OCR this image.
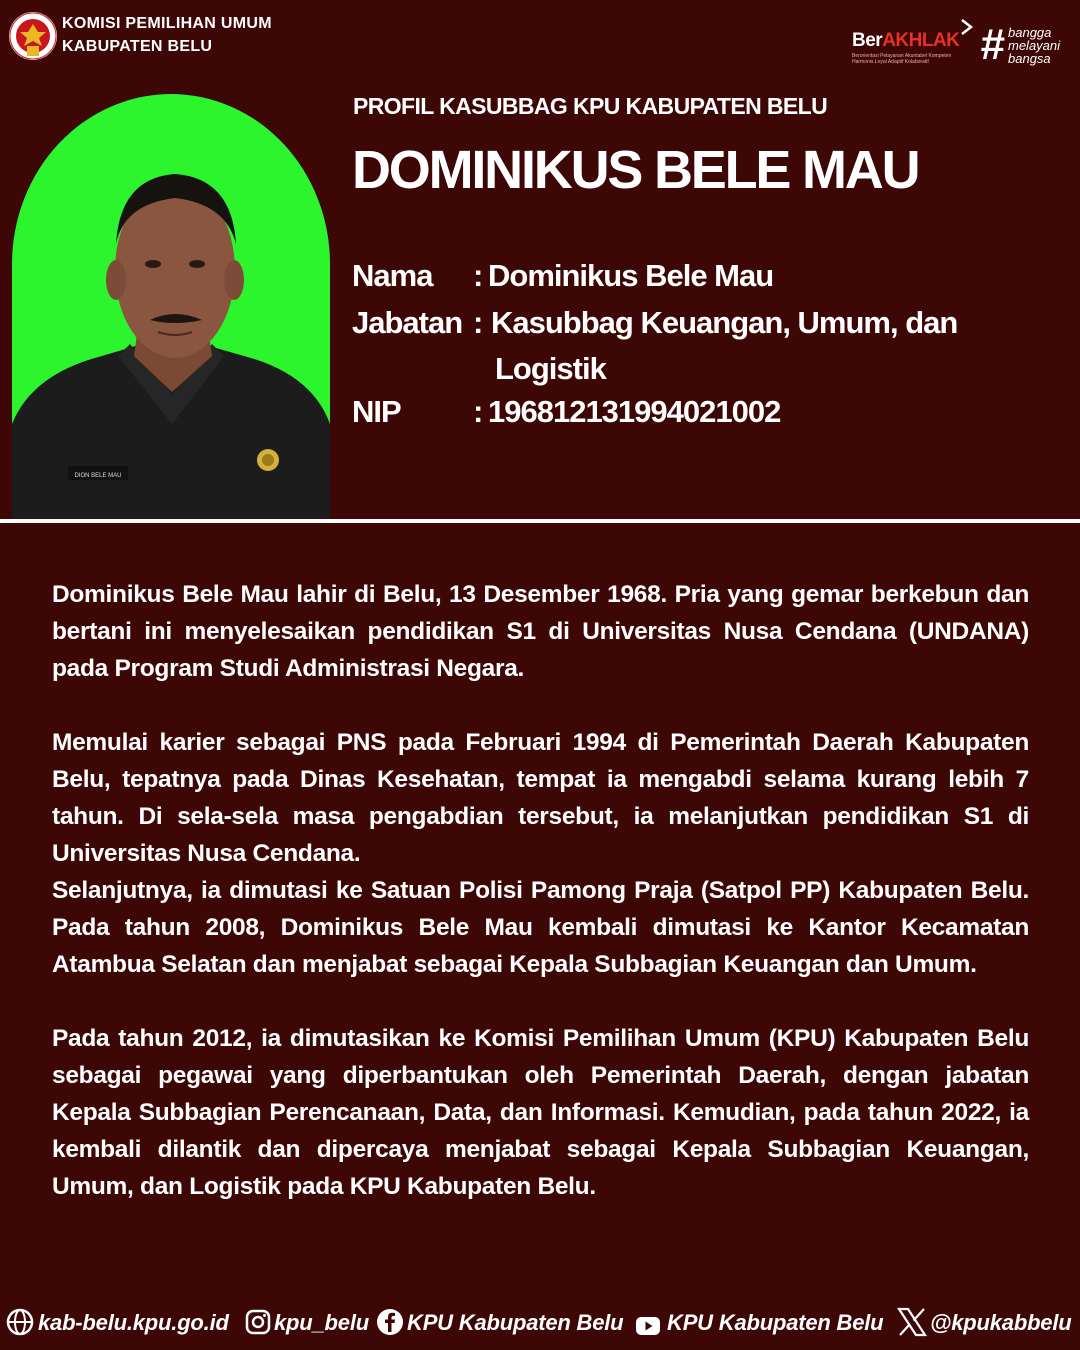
KOMISI PEMILIHAN UMUM
KABUPATEN BELU	BerAKHLAK
Berorientasi Pelayanan Akuntabel Kompeten Harmonis Loyal Adaptif Kolaboratif	# bangga
melayani
bangsa
DION BELE MAU
PROFIL KASUBBAG KPU KABUPATEN BELU
DOMINIKUS BELE MAU
Nama : Dominikus Bele Mau
Jabatan : Kasubbag Keuangan, Umum, dan
Logistik
NIP : 196812131994021002

Dominikus Bele Mau lahir di Belu, 13 Desember 1968. Pria yang gemar berkebun dan bertani ini menyelesaikan pendidikan S1 di Universitas Nusa Cendana (UNDANA) pada Program Studi Administrasi Negara.

Memulai karier sebagai PNS pada Februari 1994 di Pemerintah Daerah Kabupaten Belu, tepatnya pada Dinas Kesehatan, tempat ia mengabdi selama kurang lebih 7 tahun. Di sela-sela masa pengabdian tersebut, ia melanjutkan pendidikan S1 di Universitas Nusa Cendana.

Selanjutnya, ia dimutasi ke Satuan Polisi Pamong Praja (Satpol PP) Kabupaten Belu. Pada tahun 2008, Dominikus Bele Mau kembali dimutasi ke Kantor Kecamatan Atambua Selatan dan menjabat sebagai Kepala Subbagian Keuangan dan Umum.

Pada tahun 2012, ia dimutasikan ke Komisi Pemilihan Umum (KPU) Kabupaten Belu sebagai pegawai yang diperbantukan oleh Pemerintah Daerah, dengan jabatan Kepala Subbagian Perencanaan, Data, dan Informasi. Kemudian, pada tahun 2022, ia kembali dilantik dan dipercaya menjabat sebagai Kepala Subbagian Keuangan, Umum, dan Logistik pada KPU Kabupaten Belu.

kab-belu.kpu.go.id kpu_belu KPU Kabupaten Belu KPU Kabupaten Belu @kpukabbelu
